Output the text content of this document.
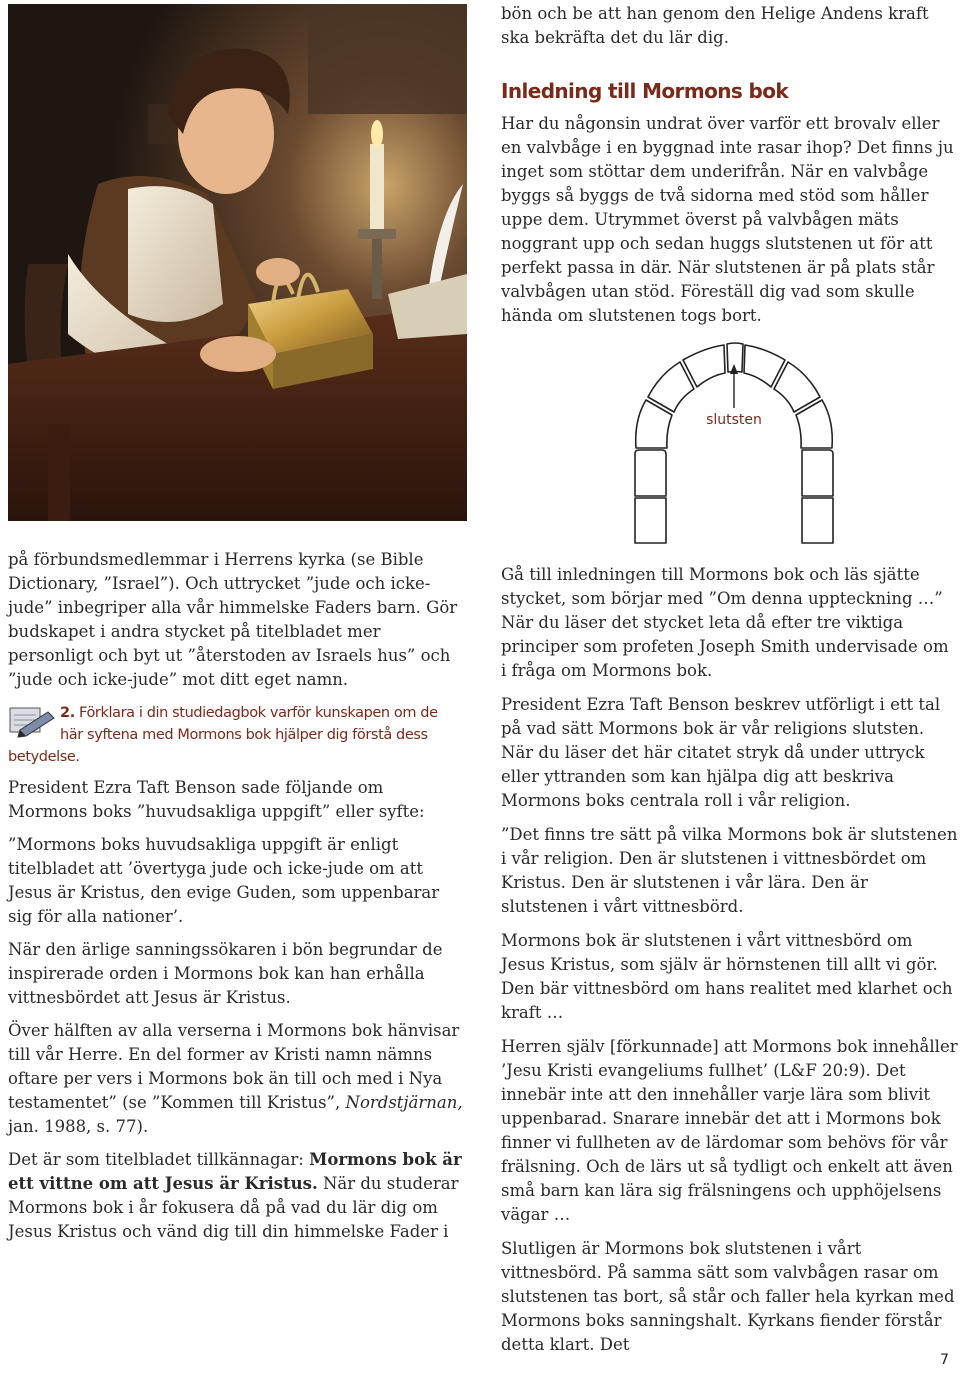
bön och be att han genom den Helige Andens kraft ska bekräfta det du lär dig.

Inledning till Mormons bok

Har du någonsin undrat över varför ett brovalv eller en valvbåge i en byggnad inte rasar ihop? Det finns ju inget som stöttar dem underifrån. När en valvbåge byggs så byggs de två sidorna med stöd som håller uppe dem. Utrymmet överst på valvbågen mäts noggrant upp och sedan huggs slutstenen ut för att perfekt passa in där. När slutstenen är på plats står valvbågen utan stöd. Föreställ dig vad som skulle hända om slutstenen togs bort.

slutsten

på förbundsmedlemmar i Herrens kyrka (se Bible Dictionary, ”Israel”). Och uttrycket ”jude och icke-jude” inbegriper alla vår himmelske Faders barn. Gör budskapet i andra stycket på titelbladet mer personligt och byt ut ”återstoden av Israels hus” och ”jude och icke-jude” mot ditt eget namn.

2. Förklara i din studiedagbok varför kunskapen om de
här syftena med Mormons bok hjälper dig förstå dess
betydelse.

President Ezra Taft Benson sade följande om Mormons boks ”huvudsakliga uppgift” eller syfte:

”Mormons boks huvudsakliga uppgift är enligt titelbladet att ’övertyga jude och icke-jude om att Jesus är Kristus, den evige Guden, som uppenbarar sig för alla nationer’.

När den ärlige sanningssökaren i bön begrundar de inspirerade orden i Mormons bok kan han erhålla vittnesbördet att Jesus är Kristus.

Över hälften av alla verserna i Mormons bok hänvisar till vår Herre. En del former av Kristi namn nämns oftare per vers i Mormons bok än till och med i Nya testamentet” (se ”Kommen till Kristus”, Nordstjärnan, jan. 1988, s. 77).

Det är som titelbladet tillkännagar: Mormons bok är ett vittne om att Jesus är Kristus. När du studerar Mormons bok i år fokusera då på vad du lär dig om Jesus Kristus och vänd dig till din himmelske Fader i

Gå till inledningen till Mormons bok och läs sjätte stycket, som börjar med ”Om denna uppteckning …” När du läser det stycket leta då efter tre viktiga principer som profeten Joseph Smith undervisade om i fråga om Mormons bok.

President Ezra Taft Benson beskrev utförligt i ett tal på vad sätt Mormons bok är vår religions slutsten. När du läser det här citatet stryk då under uttryck eller yttranden som kan hjälpa dig att beskriva Mormons boks centrala roll i vår religion.

”Det finns tre sätt på vilka Mormons bok är slutstenen i vår religion. Den är slutstenen i vittnesbördet om Kristus. Den är slutstenen i vår lära. Den är slutstenen i vårt vittnesbörd.

Mormons bok är slutstenen i vårt vittnesbörd om Jesus Kristus, som själv är hörnstenen till allt vi gör. Den bär vittnesbörd om hans realitet med klarhet och kraft …

Herren själv [förkunnade] att Mormons bok innehåller ’Jesu Kristi evangeliums fullhet’ (L&F 20:9). Det innebär inte att den innehåller varje lära som blivit uppenbarad. Snarare innebär det att i Mormons bok finner vi fullheten av de lärdomar som behövs för vår frälsning. Och de lärs ut så tydligt och enkelt att även små barn kan lära sig frälsningens och upphöjelsens vägar …

Slutligen är Mormons bok slutstenen i vårt vittnesbörd. På samma sätt som valvbågen rasar om slutstenen tas bort, så står och faller hela kyrkan med Mormons boks sanningshalt. Kyrkans fiender förstår detta klart. Det

7
